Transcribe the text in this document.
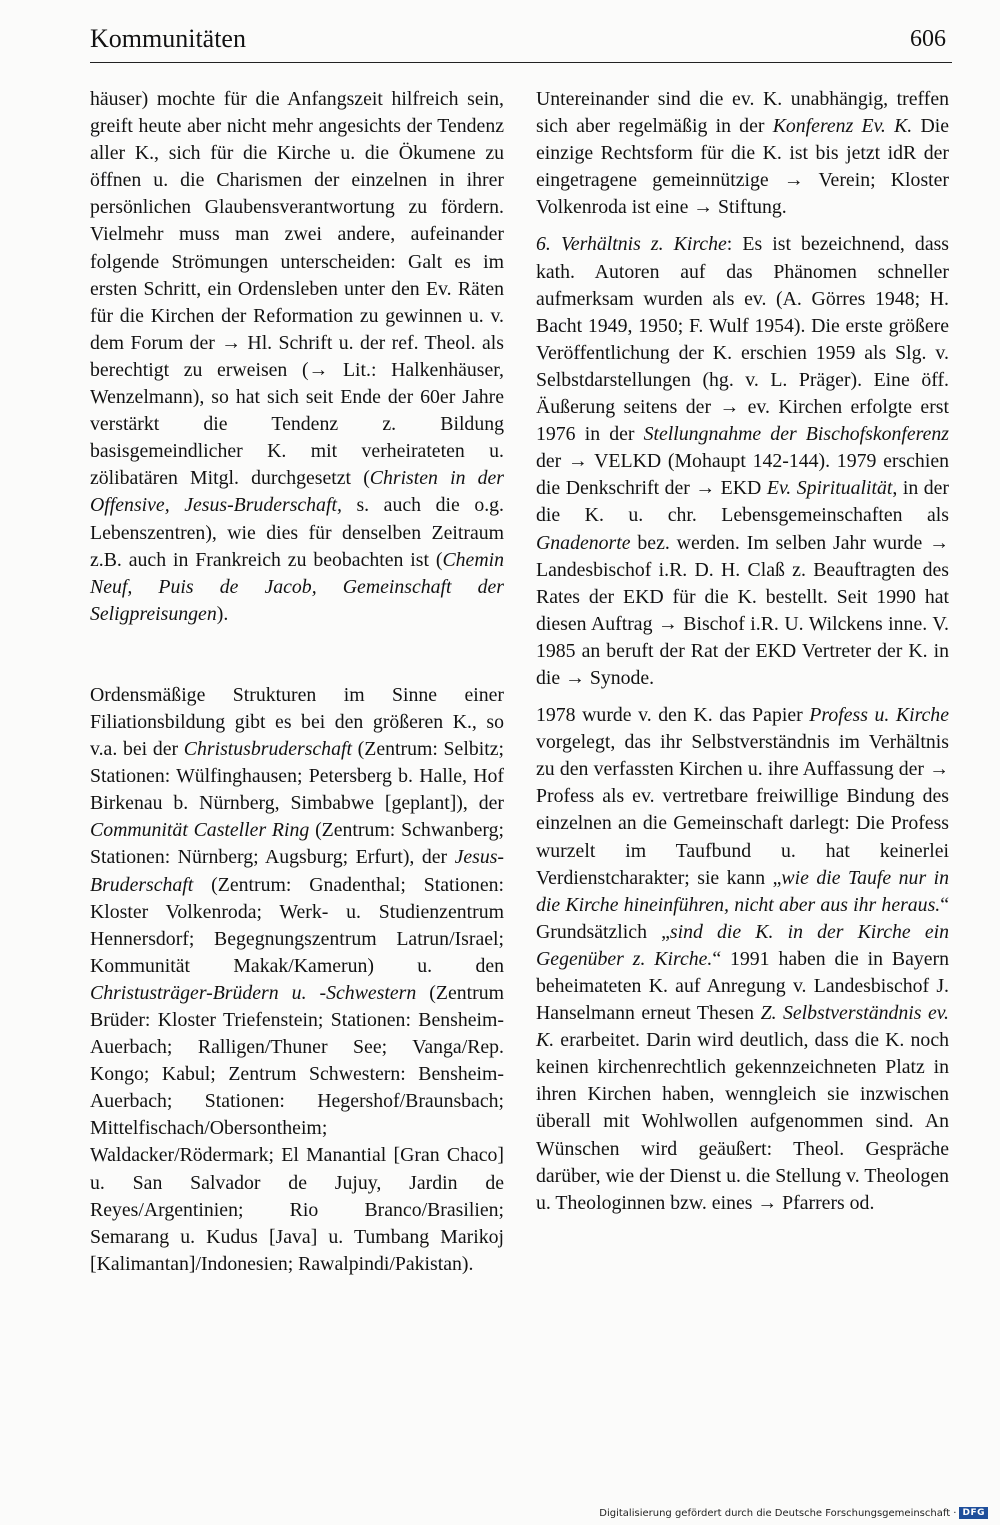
Kommunitäten	606

häuser) mochte für die Anfangszeit hilfreich sein, greift heute aber nicht mehr angesichts der Tendenz aller K., sich für die Kirche u. die Ökumene zu öffnen u. die Charismen der einzelnen in ihrer persönlichen Glaubensverantwortung zu fördern. Vielmehr muss man zwei andere, aufeinander folgende Strömungen unterscheiden: Galt es im ersten Schritt, ein Ordensleben unter den Ev. Räten für die Kirchen der Reformation zu gewinnen u. v. dem Forum der → Hl. Schrift u. der ref. Theol. als berechtigt zu erweisen (→ Lit.: Halkenhäuser, Wenzelmann), so hat sich seit Ende der 60er Jahre verstärkt die Tendenz z. Bildung basisgemeindlicher K. mit verheirateten u. zölibatären Mitgl. durchgesetzt (Christen in der Offensive, Jesus-Bruderschaft, s. auch die o.g. Lebenszentren), wie dies für denselben Zeitraum z.B. auch in Frankreich zu beobachten ist (Chemin Neuf, Puis de Jacob, Gemeinschaft der Seligpreisungen).

Ordensmäßige Strukturen im Sinne einer Filiationsbildung gibt es bei den größeren K., so v.a. bei der Christusbruderschaft (Zentrum: Selbitz; Stationen: Wülfinghausen; Petersberg b. Halle, Hof Birkenau b. Nürnberg, Simbabwe [geplant]), der Communität Casteller Ring (Zentrum: Schwanberg; Stationen: Nürnberg; Augsburg; Erfurt), der Jesus-Bruderschaft (Zentrum: Gnadenthal; Stationen: Kloster Volkenroda; Werk- u. Studienzentrum Hennersdorf; Begegnungszentrum Latrun/Israel; Kommunität Makak/Kamerun) u. den Christusträger-Brüdern u. -Schwestern (Zentrum Brüder: Kloster Triefenstein; Stationen: Bensheim-Auerbach; Ralligen/Thuner See; Vanga/Rep. Kongo; Kabul; Zentrum Schwestern: Bensheim-Auerbach; Stationen: Hegershof/Braunsbach; Mittelfischach/Obersontheim; Waldacker/Rödermark; El Manantial [Gran Chaco] u. San Salvador de Jujuy, Jardin de Reyes/Argentinien; Rio Branco/Brasilien; Semarang u. Kudus [Java] u. Tumbang Marikoj [Kalimantan]/Indonesien; Rawalpindi/Pakistan).

Untereinander sind die ev. K. unabhängig, treffen sich aber regelmäßig in der Konferenz Ev. K. Die einzige Rechtsform für die K. ist bis jetzt idR der eingetragene gemeinnützige → Verein; Kloster Volkenroda ist eine → Stiftung.

6. Verhältnis z. Kirche: Es ist bezeichnend, dass kath. Autoren auf das Phänomen schneller aufmerksam wurden als ev. (A. Görres 1948; H. Bacht 1949, 1950; F. Wulf 1954). Die erste größere Veröffentlichung der K. erschien 1959 als Slg. v. Selbstdarstellungen (hg. v. L. Präger). Eine öff. Äußerung seitens der → ev. Kirchen erfolgte erst 1976 in der Stellungnahme der Bischofskonferenz der → VELKD (Mohaupt 142-144). 1979 erschien die Denkschrift der → EKD Ev. Spiritualität, in der die K. u. chr. Lebensgemeinschaften als Gnadenorte bez. werden. Im selben Jahr wurde → Landesbischof i.R. D. H. Claß z. Beauftragten des Rates der EKD für die K. bestellt. Seit 1990 hat diesen Auftrag → Bischof i.R. U. Wilckens inne. V. 1985 an beruft der Rat der EKD Vertreter der K. in die → Synode.

1978 wurde v. den K. das Papier Profess u. Kirche vorgelegt, das ihr Selbstverständnis im Verhältnis zu den verfassten Kirchen u. ihre Auffassung der → Profess als ev. vertretbare freiwillige Bindung des einzelnen an die Gemeinschaft darlegt: Die Profess wurzelt im Taufbund u. hat keinerlei Verdienstcharakter; sie kann „wie die Taufe nur in die Kirche hineinführen, nicht aber aus ihr heraus.“ Grundsätzlich „sind die K. in der Kirche ein Gegenüber z. Kirche.“ 1991 haben die in Bayern beheimateten K. auf Anregung v. Landesbischof J. Hanselmann erneut Thesen Z. Selbstverständnis ev. K. erarbeitet. Darin wird deutlich, dass die K. noch keinen kirchenrechtlich gekennzeichneten Platz in ihren Kirchen haben, wenngleich sie inzwischen überall mit Wohlwollen aufgenommen sind. An Wünschen wird geäußert: Theol. Gespräche darüber, wie der Dienst u. die Stellung v. Theologen u. Theologinnen bzw. eines → Pfarrers od.

Digitalisierung gefördert durch die Deutsche Forschungsgemeinschaft · DFG
